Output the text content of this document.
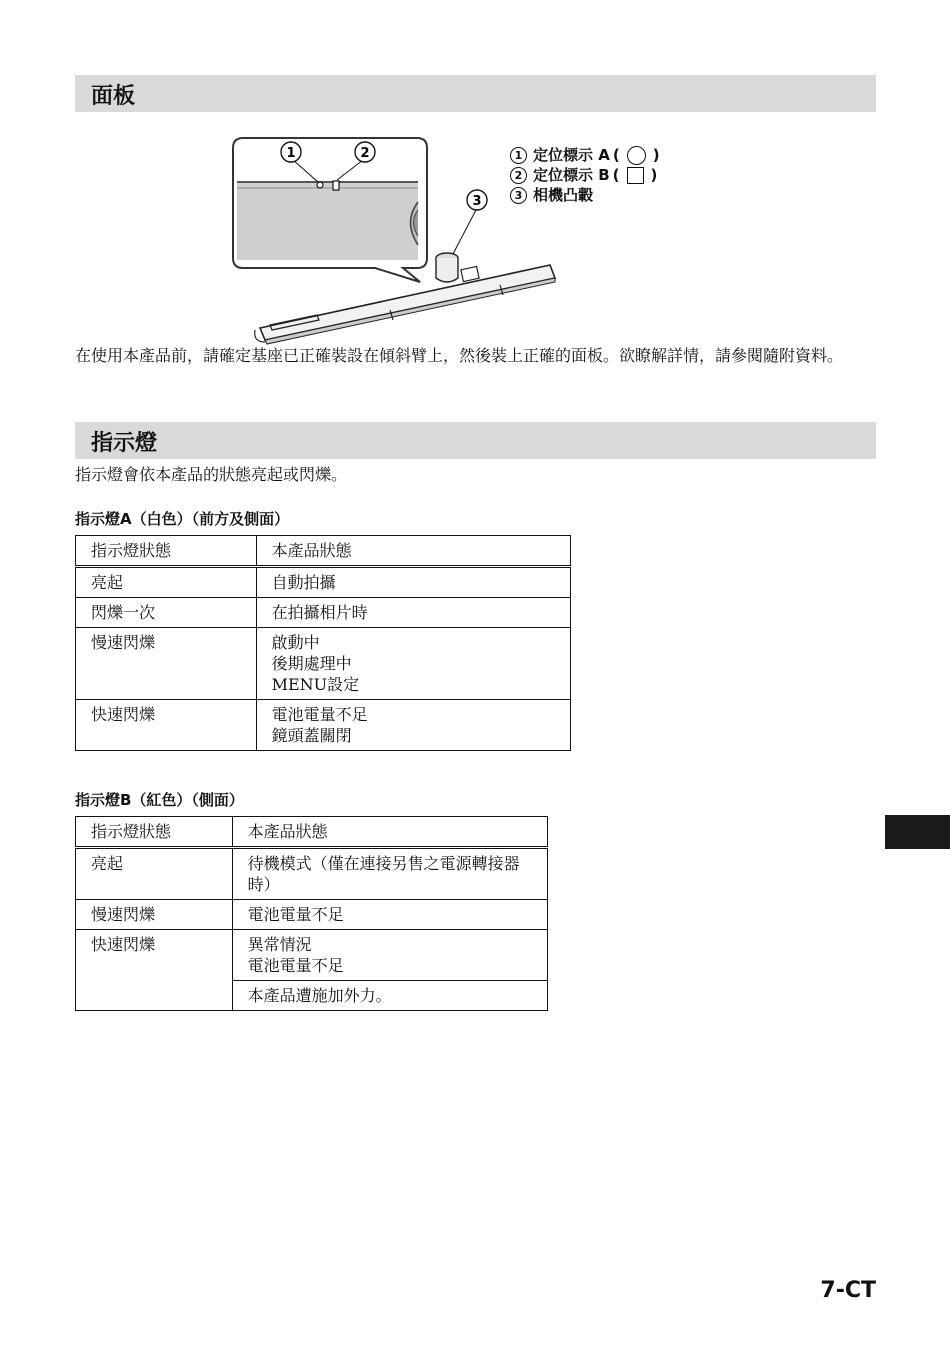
面板
1	2
3
1 定位標示 A ( )
2 定位標示 B ( )
3 相機凸轂

在使用本產品前，請確定基座已正確裝設在傾斜臂上，然後裝上正確的面板。欲瞭解詳情，請參閱隨附資料。

指示燈

指示燈會依本產品的狀態亮起或閃爍。

指示燈A（白色）（前方及側面）
指示燈狀態	本產品狀態
亮起	自動拍攝

閃爍一次	在拍攝相片時

慢速閃爍	啟動中
後期處理中
MENU設定

快速閃爍	電池電量不足
鏡頭蓋關閉
指示燈B（紅色）（側面）
指示燈狀態	本產品狀態
亮起	待機模式（僅在連接另售之電源轉接器時）

慢速閃爍	電池電量不足

快速閃爍	異常情況
電池電量不足

	本產品遭施加外力。
7-CT
